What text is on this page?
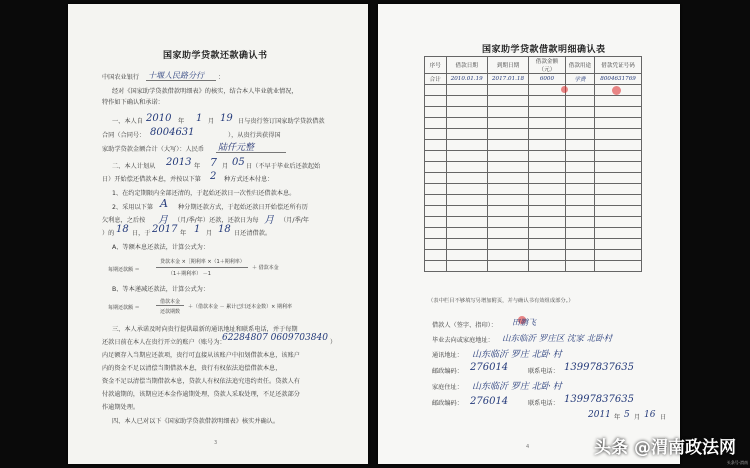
国家助学贷款还款确认书
中国农业银行 十堰人民路分行 ：
经对《国家助学贷款借款明细表》的核实，结合本人毕业就业情况，
特作如下确认和承诺：
一、本人自 2010 年 1 月 19 日与贵行签订国家助学贷款借款
合同（合同号： 8004631	），从贵行共获得国
家助学贷款金额合计（大写）：人民币 陆仟元整
二、本人计划从 2013 年 7 月 05 日（不早于毕业后还款起始
日）开始偿还借款本息，并按以下第 2 种方式还本付息：
1、在约定期限内全部还清的，于起始还款日一次性归还借款本息。
2、采用以下第 A 种分期还款方式，于起始还款日开始偿还所有历
欠利息，之后按 月 （月/季/年）还款，还款日为每 月 （月/季/年
）的 18 日，于 2017 年 1 月 18 日还清借款。
A、等额本息还款法，计算公式为：
每期还款额 ＝
贷款本金 ×［期利率 ×（1＋期利率）
（1＋期利率） －1
＋ 借款本金
B、等本递减还款法，计算公式为：
每期还款额 ＝
借款本金
还款期数
＋（借款本金 － 累计已归还本金数）× 期利率
三、本人承诺及时向贵行提供最新的通讯地址和联系电话，并于每期
还款日前在本人在贵行开立的账户（账号为：
62284807 0609703840 ）
内足额存入当期应还款项，贵行可直接从该账户中扣划借款本息，该账户
内的资金不足以清偿当期借款本息，贵行有权依法追偿借款本息，
资金不足以清偿当期借款本息，贷款人有权依法追究违约责任。贷款人有
付款逾期的，该期应还本金作逾期处理，贷款人采取处理，不足还款部分
作逾期处理。
四、本人已对以下《国家助学贷款借款明细表》核实并确认。
3
国家助学贷款借款明细确认表
序号	借款日期	到期日期	借款金额（元）	借款用途	借款凭证号码
合计	2010.01.19	2017.01.18	6000	学费	8004631769

（表中栏目不够填写另增加附页，并与确认书有效组成部分。）
借款人（签字、指印）： 田鹏飞
毕业去向或家庭地址： 山东临沂 罗庄区 沈家 北卧村
通讯地址： 山东临沂 罗庄 北卧 村
邮政编码： 276014	联系电话： 13997837635
家庭住址： 山东临沂 罗庄 北卧 村
联系电话： 13997837635
邮政编码： 276014
2011 年 5 月 16 日
4	头条 @渭南政法网
头条号·渭南
